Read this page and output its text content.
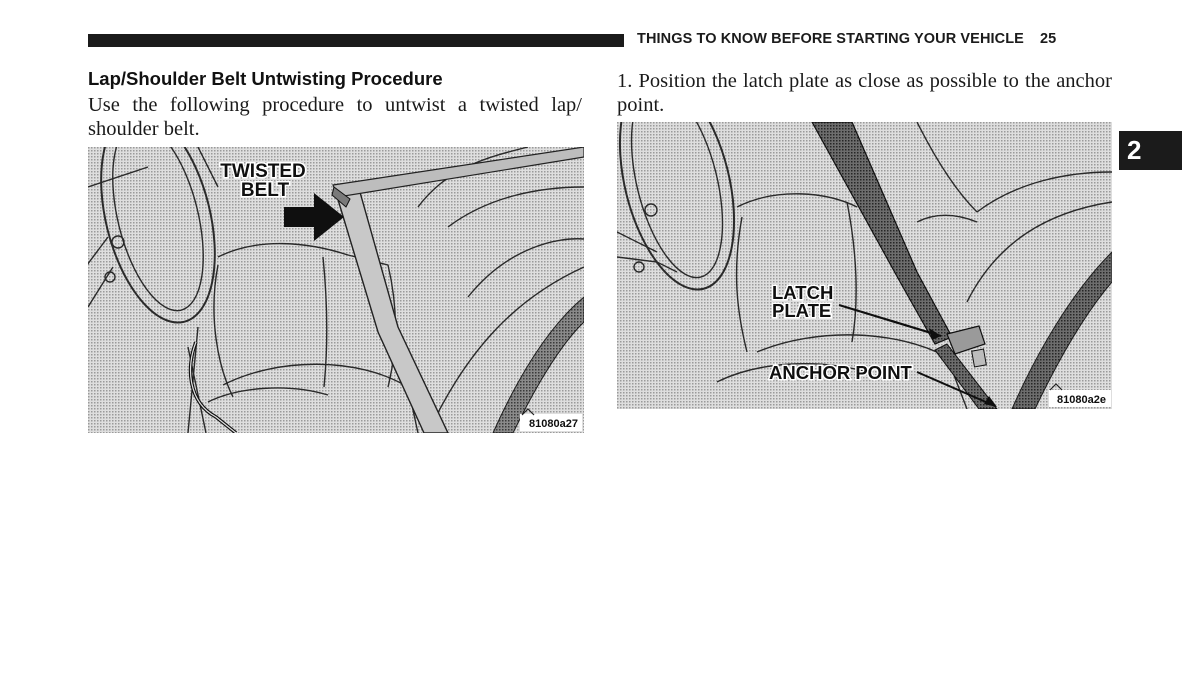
THINGS TO KNOW BEFORE STARTING YOUR VEHICLE 25
Lap/Shoulder Belt Untwisting Procedure
Use the following procedure to untwist a twisted lap/ shoulder belt.
1. Position the latch plate as close as possible to the anchor point.
TWISTED
BELT
81080a27
LATCH
PLATE
ANCHOR POINT
81080a2e
2
